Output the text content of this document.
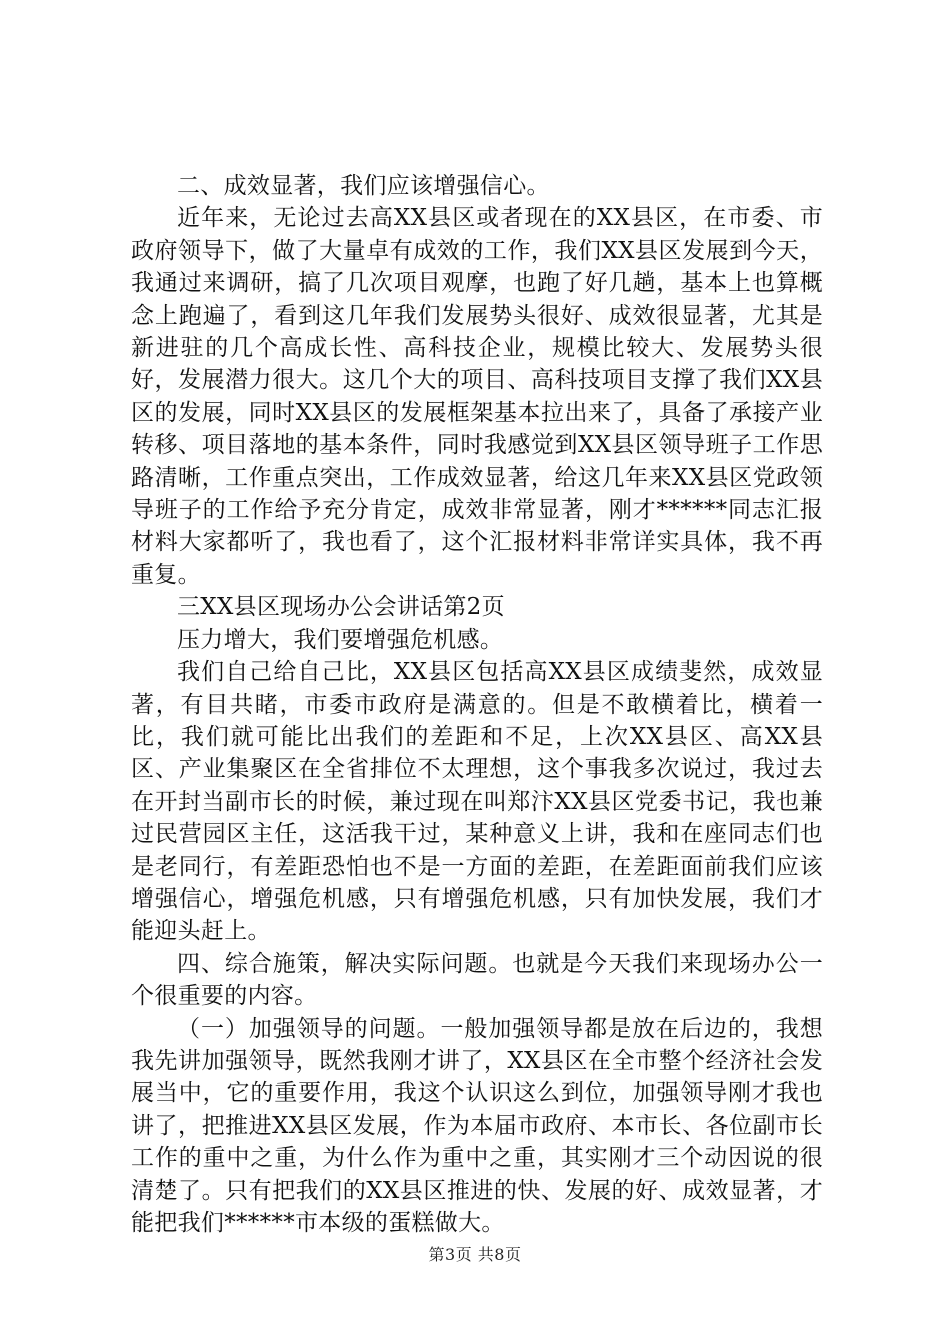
二、成效显著，我们应该增强信心。

近年来，无论过去高XX县区或者现在的XX县区，在市委、市政府领导下，做了大量卓有成效的工作，我们XX县区发展到今天，我通过来调研，搞了几次项目观摩，也跑了好几趟，基本上也算概念上跑遍了，看到这几年我们发展势头很好、成效很显著，尤其是新进驻的几个高成长性、高科技企业，规模比较大、发展势头很好，发展潜力很大。这几个大的项目、高科技项目支撑了我们XX县区的发展，同时XX县区的发展框架基本拉出来了，具备了承接产业转移、项目落地的基本条件，同时我感觉到XX县区领导班子工作思路清晰，工作重点突出，工作成效显著，给这几年来XX县区党政领导班子的工作给予充分肯定，成效非常显著，刚才******同志汇报材料大家都听了，我也看了，这个汇报材料非常详实具体，我不再重复。

三XX县区现场办公会讲话第2页

压力增大，我们要增强危机感。

我们自己给自己比，XX县区包括高XX县区成绩斐然，成效显著，有目共睹，市委市政府是满意的。但是不敢横着比，横着一比，我们就可能比出我们的差距和不足，上次XX县区、高XX县区、产业集聚区在全省排位不太理想，这个事我多次说过，我过去在开封当副市长的时候，兼过现在叫郑汴XX县区党委书记，我也兼过民营园区主任，这活我干过，某种意义上讲，我和在座同志们也是老同行，有差距恐怕也不是一方面的差距，在差距面前我们应该增强信心，增强危机感，只有增强危机感，只有加快发展，我们才能迎头赶上。

四、综合施策，解决实际问题。也就是今天我们来现场办公一个很重要的内容。

（一）加强领导的问题。一般加强领导都是放在后边的，我想我先讲加强领导，既然我刚才讲了，XX县区在全市整个经济社会发展当中，它的重要作用，我这个认识这么到位，加强领导刚才我也讲了，把推进XX县区发展，作为本届市政府、本市长、各位副市长工作的重中之重，为什么作为重中之重，其实刚才三个动因说的很清楚了。只有把我们的XX县区推进的快、发展的好、成效显著，才能把我们******市本级的蛋糕做大。

第3页 共8页
